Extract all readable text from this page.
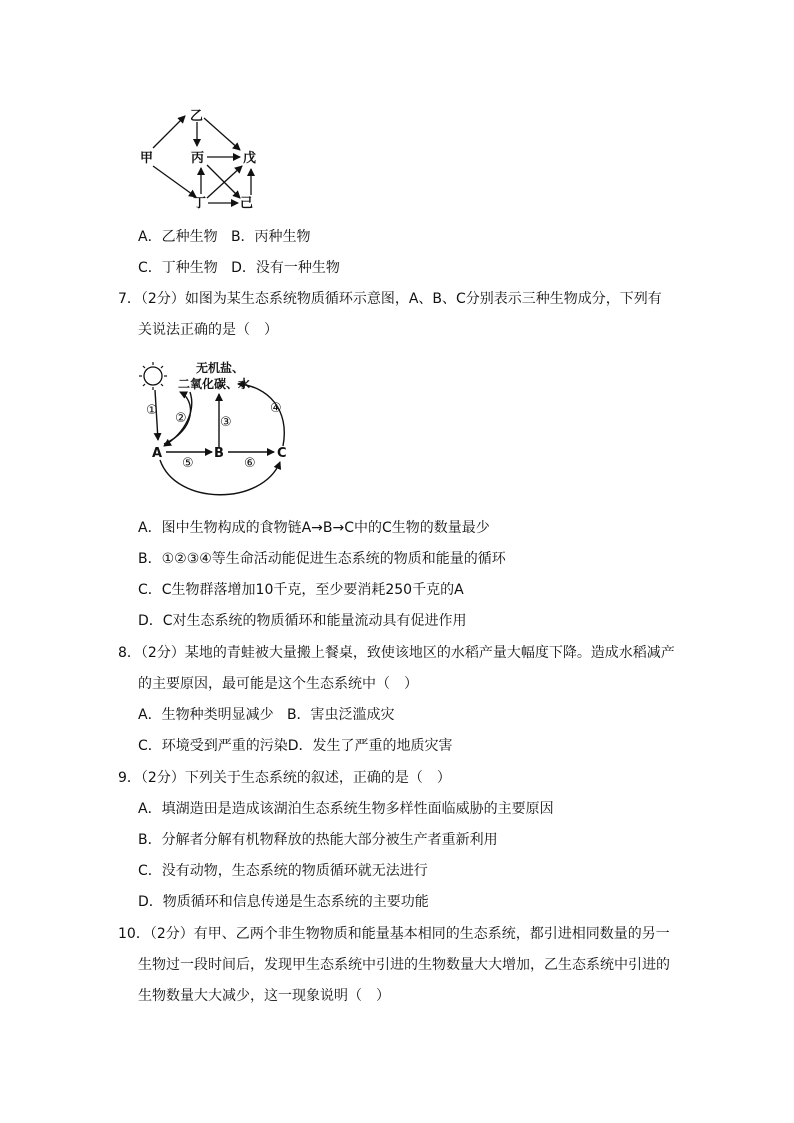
甲
乙
丙	戊
丁	己
A．乙种生物 B．丙种生物
C．丁种生物 D．没有一种生物
7．（2分）如图为某生态系统物质循环示意图，A、B、C分别表示三种生物成分，下列有
关说法正确的是（　）
无机盐、
二氧化碳、水
A	B	C
①
②	③
④
⑤	⑥
A．图中生物构成的食物链A→B→C中的C生物的数量最少
B．①②③④等生命活动能促进生态系统的物质和能量的循环
C．C生物群落增加10千克，至少要消耗250千克的A
D．C对生态系统的物质循环和能量流动具有促进作用
8．（2分）某地的青蛙被大量搬上餐桌，致使该地区的水稻产量大幅度下降。造成水稻减产
的主要原因，最可能是这个生态系统中（　）
A．生物种类明显减少 B．害虫泛滥成灾
C．环境受到严重的污染D．发生了严重的地质灾害
9．（2分）下列关于生态系统的叙述，正确的是（　）
A．填湖造田是造成该湖泊生态系统生物多样性面临威胁的主要原因
B．分解者分解有机物释放的热能大部分被生产者重新利用
C．没有动物，生态系统的物质循环就无法进行
D．物质循环和信息传递是生态系统的主要功能
10．（2分）有甲、乙两个非生物物质和能量基本相同的生态系统，都引进相同数量的另一
生物过一段时间后，发现甲生态系统中引进的生物数量大大增加，乙生态系统中引进的
生物数量大大减少，这一现象说明（　）
